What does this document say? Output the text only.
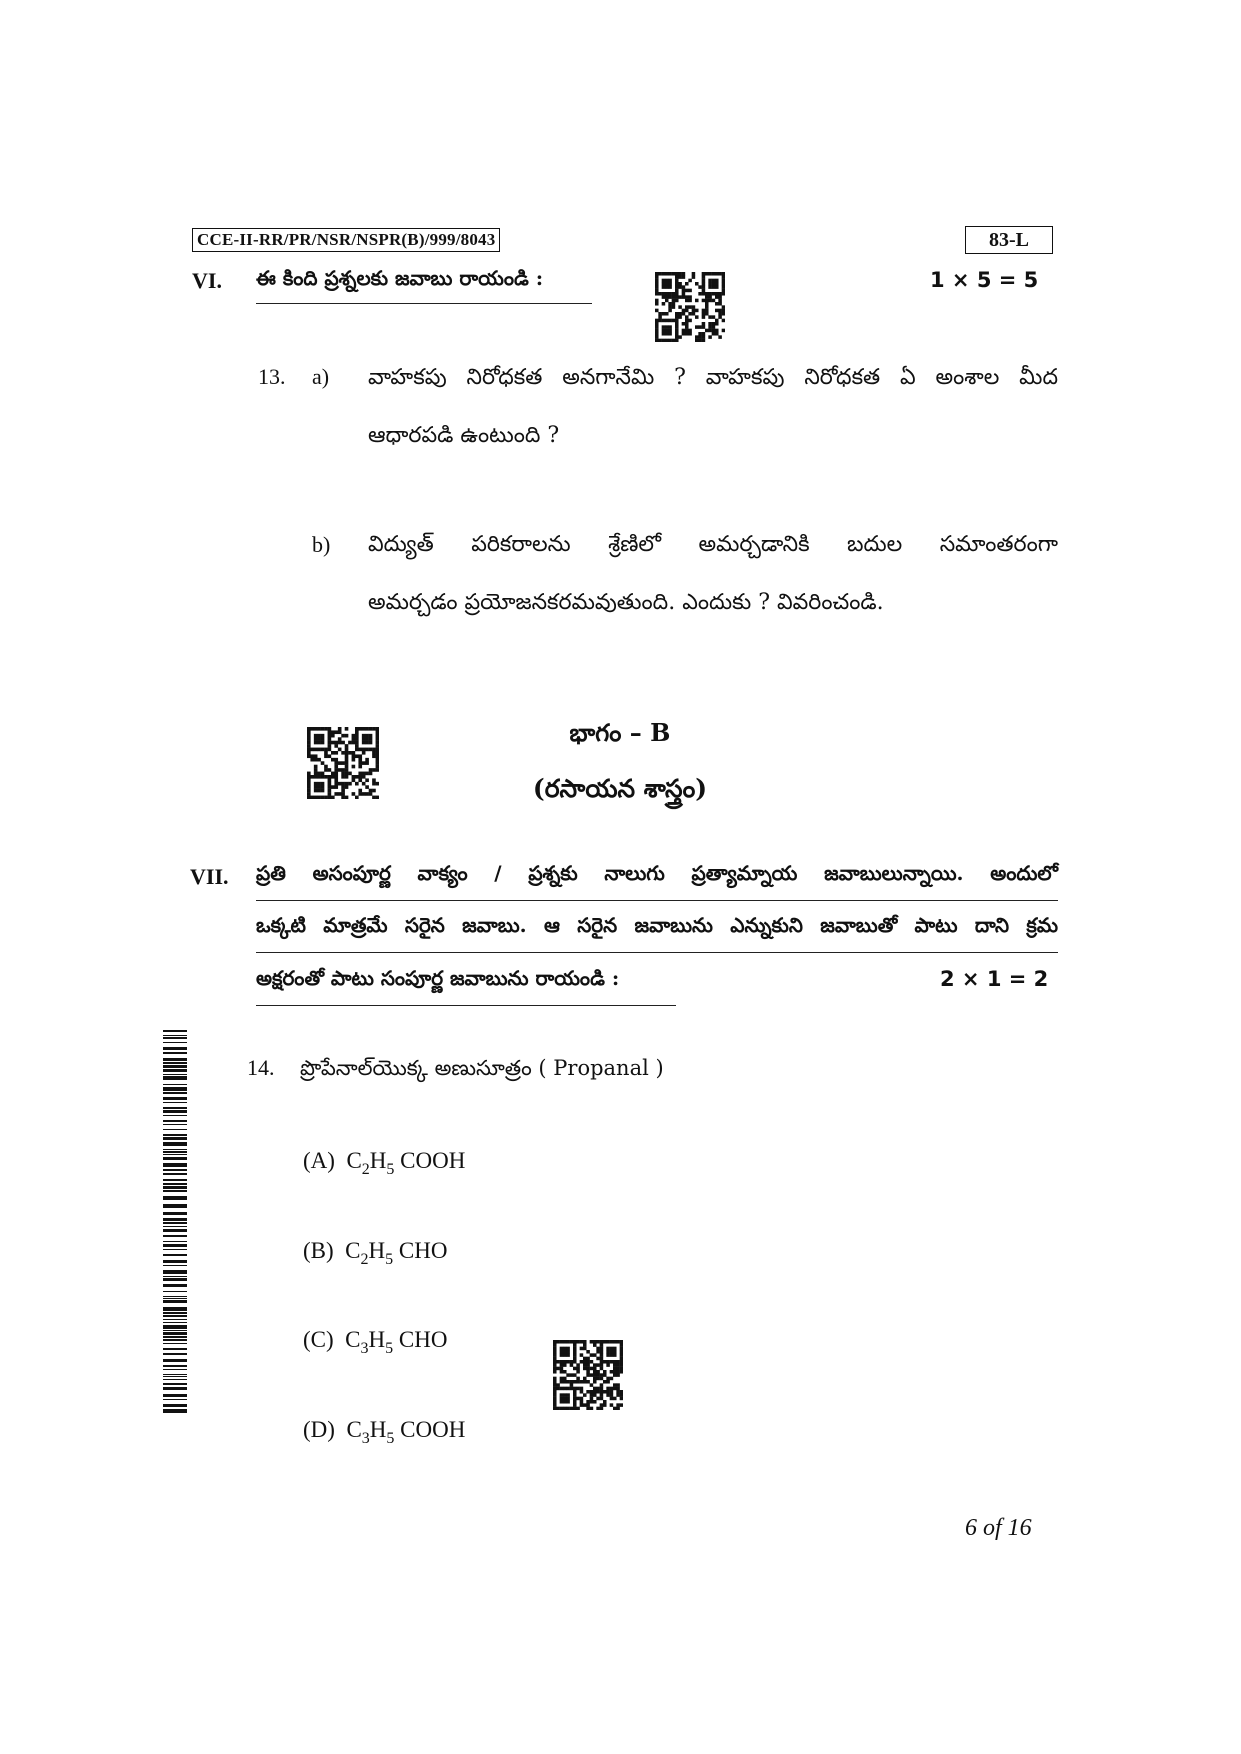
CCE-II-RR/PR/NSR/NSPR(B)/999/8043	83-L
VI. ఈ కింది ప్రశ్నలకు జవాబు రాయండి :	1 × 5 = 5
13. a) వాహకపు నిరోధకత అనగానేమి ? వాహకపు నిరోధకత ఏ అంశాల మీద
ఆధారపడి ఉంటుంది ?
b) విద్యుత్ పరికరాలను శ్రేణిలో అమర్చడానికి బదుల సమాంతరంగా
అమర్చడం ప్రయోజనకరమవుతుంది. ఎందుకు ? వివరించండి.
భాగం – B
(రసాయన శాస్త్రం)
VII. ప్రతి అసంపూర్ణ వాక్యం / ప్రశ్నకు నాలుగు ప్రత్యామ్నాయ జవాబులున్నాయి. అందులో
ఒక్కటి మాత్రమే సరైన జవాబు. ఆ సరైన జవాబును ఎన్నుకుని జవాబుతో పాటు దాని క్రమ
అక్షరంతో పాటు సంపూర్ణ జవాబును రాయండి :	2 × 1 = 2
14. ప్రొపేనాల్‌యొక్క అణుసూత్రం ( Propanal )
(A) $C_2H_5$ COOH
(B) $C_2H_5$ CHO
(C) $C_3H_5$ CHO
(D) $C_3H_5$ COOH
6 of 16
